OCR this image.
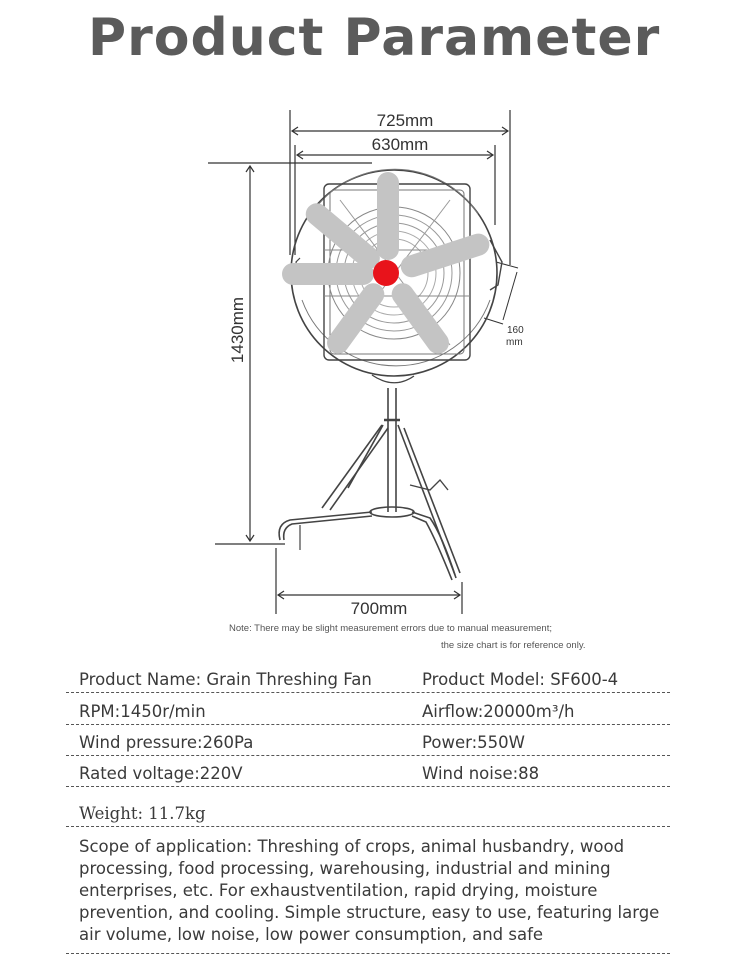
Product Parameter
725mm
630mm
1430mm	160
mm
700mm
Note: There may be slight measurement errors due to manual measurement;
the size chart is for reference only.
Product Name: Grain Threshing Fan	Product Model: SF600-4
RPM:1450r/min	Airflow:20000m³/h
Wind pressure:260Pa	Power:550W
Rated voltage:220V	Wind noise:88
Weight: 11.7kg
Scope of application: Threshing of crops, animal husbandry, wood processing, food processing, warehousing, industrial and mining enterprises, etc. For exhaustventilation, rapid drying, moisture prevention, and cooling. Simple structure, easy to use, featuring large air volume, low noise, low power consumption, and safe
